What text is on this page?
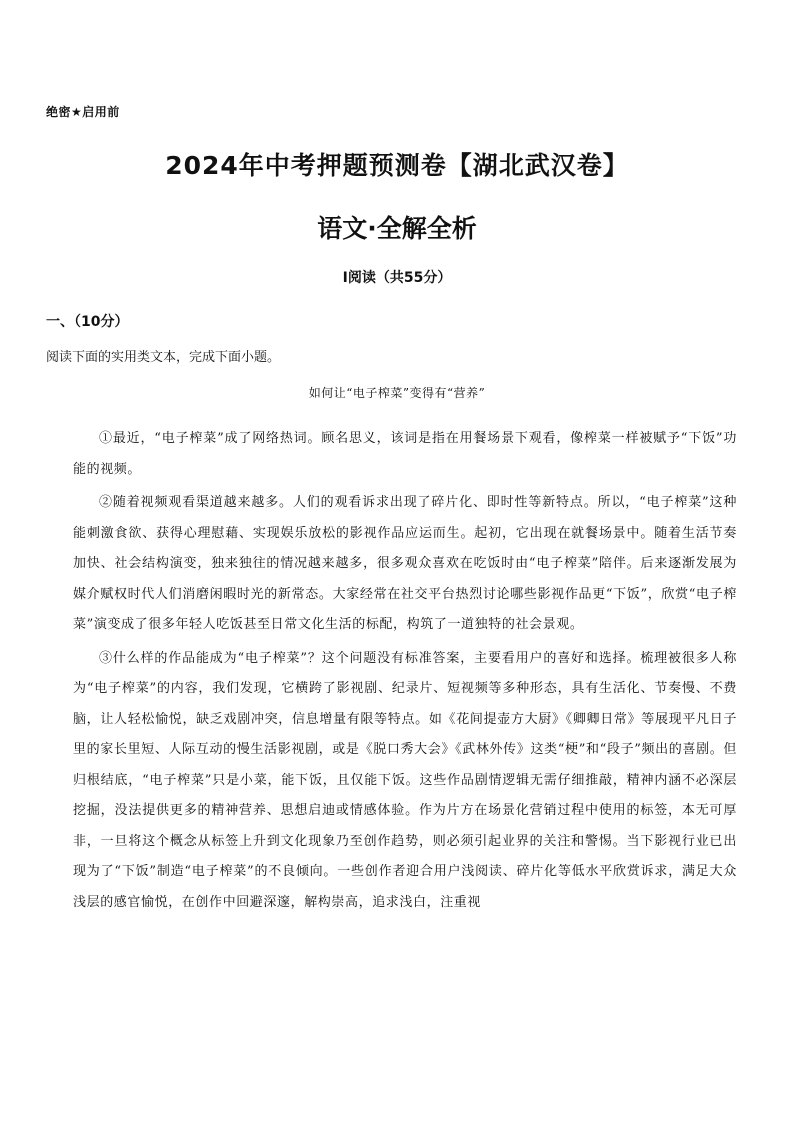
绝密★启用前
2024年中考押题预测卷【湖北武汉卷】
语文·全解全析
Ⅰ阅读（共55分）
一、（10分）
阅读下面的实用类文本，完成下面小题。
如何让“电子榨菜”变得有“营养”

①最近，“电子榨菜”成了网络热词。顾名思义，该词是指在用餐场景下观看，像榨菜一样被赋予“下饭”功能的视频。

②随着视频观看渠道越来越多。人们的观看诉求出现了碎片化、即时性等新特点。所以，“电子榨菜”这种能刺激食欲、获得心理慰藉、实现娱乐放松的影视作品应运而生。起初，它出现在就餐场景中。随着生活节奏加快、社会结构演变，独来独往的情况越来越多，很多观众喜欢在吃饭时由“电子榨菜”陪伴。后来逐渐发展为媒介赋权时代人们消磨闲暇时光的新常态。大家经常在社交平台热烈讨论哪些影视作品更“下饭”，欣赏“电子榨菜”演变成了很多年轻人吃饭甚至日常文化生活的标配，构筑了一道独特的社会景观。

③什么样的作品能成为“电子榨菜”？这个问题没有标准答案，主要看用户的喜好和选择。梳理被很多人称为“电子榨菜”的内容，我们发现，它横跨了影视剧、纪录片、短视频等多种形态，具有生活化、节奏慢、不费脑，让人轻松愉悦，缺乏戏剧冲突，信息增量有限等特点。如《花间提壶方大厨》《卿卿日常》等展现平凡日子里的家长里短、人际互动的慢生活影视剧，或是《脱口秀大会》《武林外传》这类“梗”和“段子”频出的喜剧。但归根结底，“电子榨菜”只是小菜，能下饭，且仅能下饭。这些作品剧情逻辑无需仔细推敲，精神内涵不必深层挖掘，没法提供更多的精神营养、思想启迪或情感体验。作为片方在场景化营销过程中使用的标签，本无可厚非，一旦将这个概念从标签上升到文化现象乃至创作趋势，则必须引起业界的关注和警惕。当下影视行业已出现为了“下饭”制造“电子榨菜”的不良倾向。一些创作者迎合用户浅阅读、碎片化等低水平欣赏诉求，满足大众浅层的感官愉悦，在创作中回避深邃，解构崇高，追求浅白，注重视
